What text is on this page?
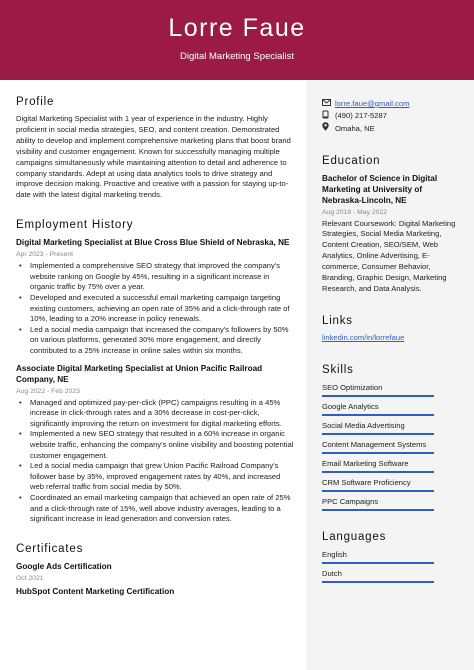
Lorre Faue
Digital Marketing Specialist
Profile

Digital Marketing Specialist with 1 year of experience in the industry. Highly proficient in social media strategies, SEO, and content creation. Demonstrated ability to develop and implement comprehensive marketing plans that boost brand visibility and customer engagement. Known for successfully managing multiple campaigns simultaneously while maintaining attention to detail and adherence to company standards. Adept at using data analytics tools to drive strategy and improve decision making. Proactive and creative with a passion for staying up-to-date with the latest digital marketing trends.

Employment History
Digital Marketing Specialist at Blue Cross Blue Shield of Nebraska, NE
Apr 2023 - Present
• Implemented a comprehensive SEO strategy that improved the company's website ranking on Google by 45%, resulting in a significant increase in organic traffic by 75% over a year.
• Developed and executed a successful email marketing campaign targeting existing customers, achieving an open rate of 35% and a click-through rate of 10%, leading to a 20% increase in policy renewals.
• Led a social media campaign that increased the company's followers by 50% on various platforms, generated 30% more engagement, and directly contributed to a 25% increase in online sales within six months.
Associate Digital Marketing Specialist at Union Pacific Railroad Company, NE
Aug 2022 - Feb 2023
• Managed and optimized pay-per-click (PPC) campaigns resulting in a 45% increase in click-through rates and a 30% decrease in cost-per-click, significantly improving the return on investment for digital marketing efforts.
• Implemented a new SEO strategy that resulted in a 60% increase in organic website traffic, enhancing the company's online visibility and boosting potential customer engagement.
• Led a social media campaign that grew Union Pacific Railroad Company's follower base by 35%, improved engagement rates by 40%, and increased web referral traffic from social media by 50%.
• Coordinated an email marketing campaign that achieved an open rate of 25% and a click-through rate of 15%, well above industry averages, leading to a significant increase in lead generation and conversion rates.
Certificates
Google Ads Certification
Oct 2021
HubSpot Content Marketing Certification
lorre.faue@gmail.com
(490) 217-5287
Omaha, NE
Education
Bachelor of Science in Digital Marketing at University of Nebraska-Lincoln, NE
Aug 2018 - May 2022

Relevant Coursework: Digital Marketing Strategies, Social Media Marketing, Content Creation, SEO/SEM, Web Analytics, Online Advertising, E-commerce, Consumer Behavior, Branding, Graphic Design, Marketing Research, and Data Analysis.

Links
linkedin.com/in/lorrefaue
Skills
SEO Optimization
Google Analytics
Social Media Advertising
Content Management Systems
Email Marketing Software
CRM Software Proficiency
PPC Campaigns
Languages
English
Dutch
